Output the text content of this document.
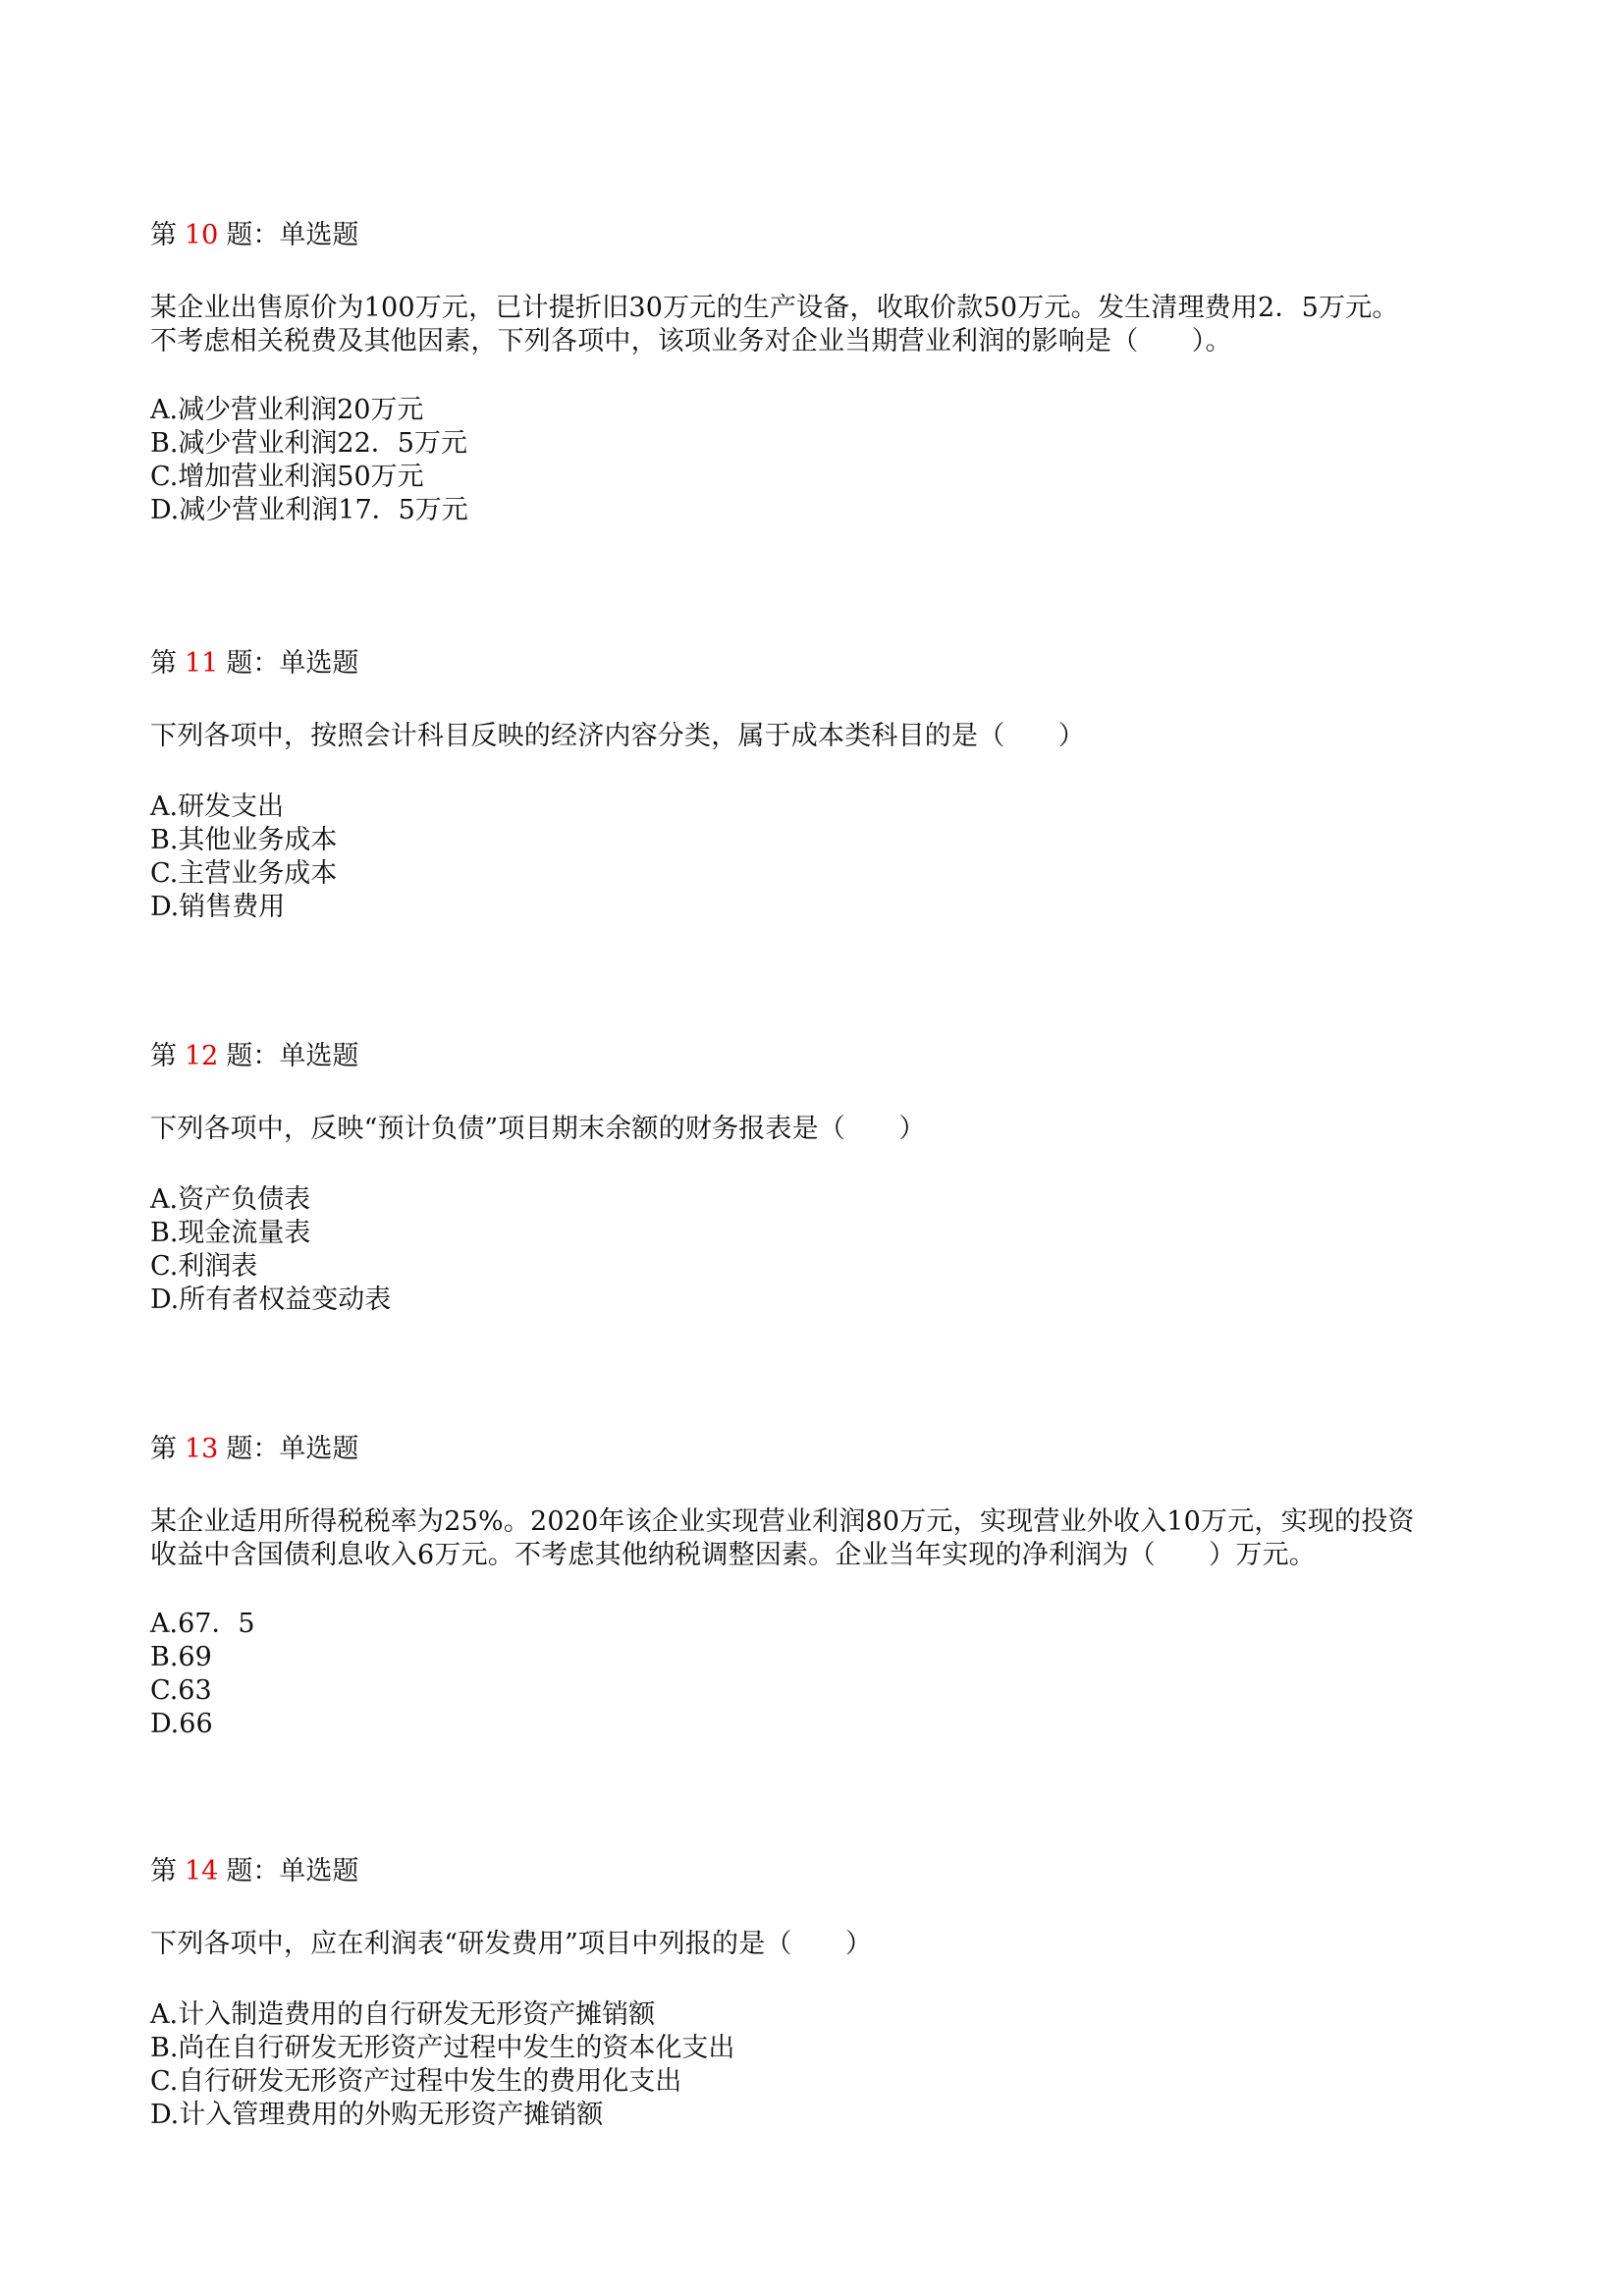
第 10 题：单选题
某企业出售原价为100万元，已计提折旧30万元的生产设备，收取价款50万元。发生清理费用2．5万元。
不考虑相关税费及其他因素，下列各项中，该项业务对企业当期营业利润的影响是（　　）。
A.减少营业利润20万元
B.减少营业利润22．5万元
C.增加营业利润50万元
D.减少营业利润17．5万元
第 11 题：单选题
下列各项中，按照会计科目反映的经济内容分类，属于成本类科目的是（　　）
A.研发支出
B.其他业务成本
C.主营业务成本
D.销售费用
第 12 题：单选题
下列各项中，反映“预计负债”项目期末余额的财务报表是（　　）
A.资产负债表
B.现金流量表
C.利润表
D.所有者权益变动表
第 13 题：单选题
某企业适用所得税税率为25%。2020年该企业实现营业利润80万元，实现营业外收入10万元，实现的投资
收益中含国债利息收入6万元。不考虑其他纳税调整因素。企业当年实现的净利润为（　　）万元。
A.67．5
B.69
C.63
D.66
第 14 题：单选题
下列各项中，应在利润表“研发费用”项目中列报的是（　　）
A.计入制造费用的自行研发无形资产摊销额
B.尚在自行研发无形资产过程中发生的资本化支出
C.自行研发无形资产过程中发生的费用化支出
D.计入管理费用的外购无形资产摊销额
